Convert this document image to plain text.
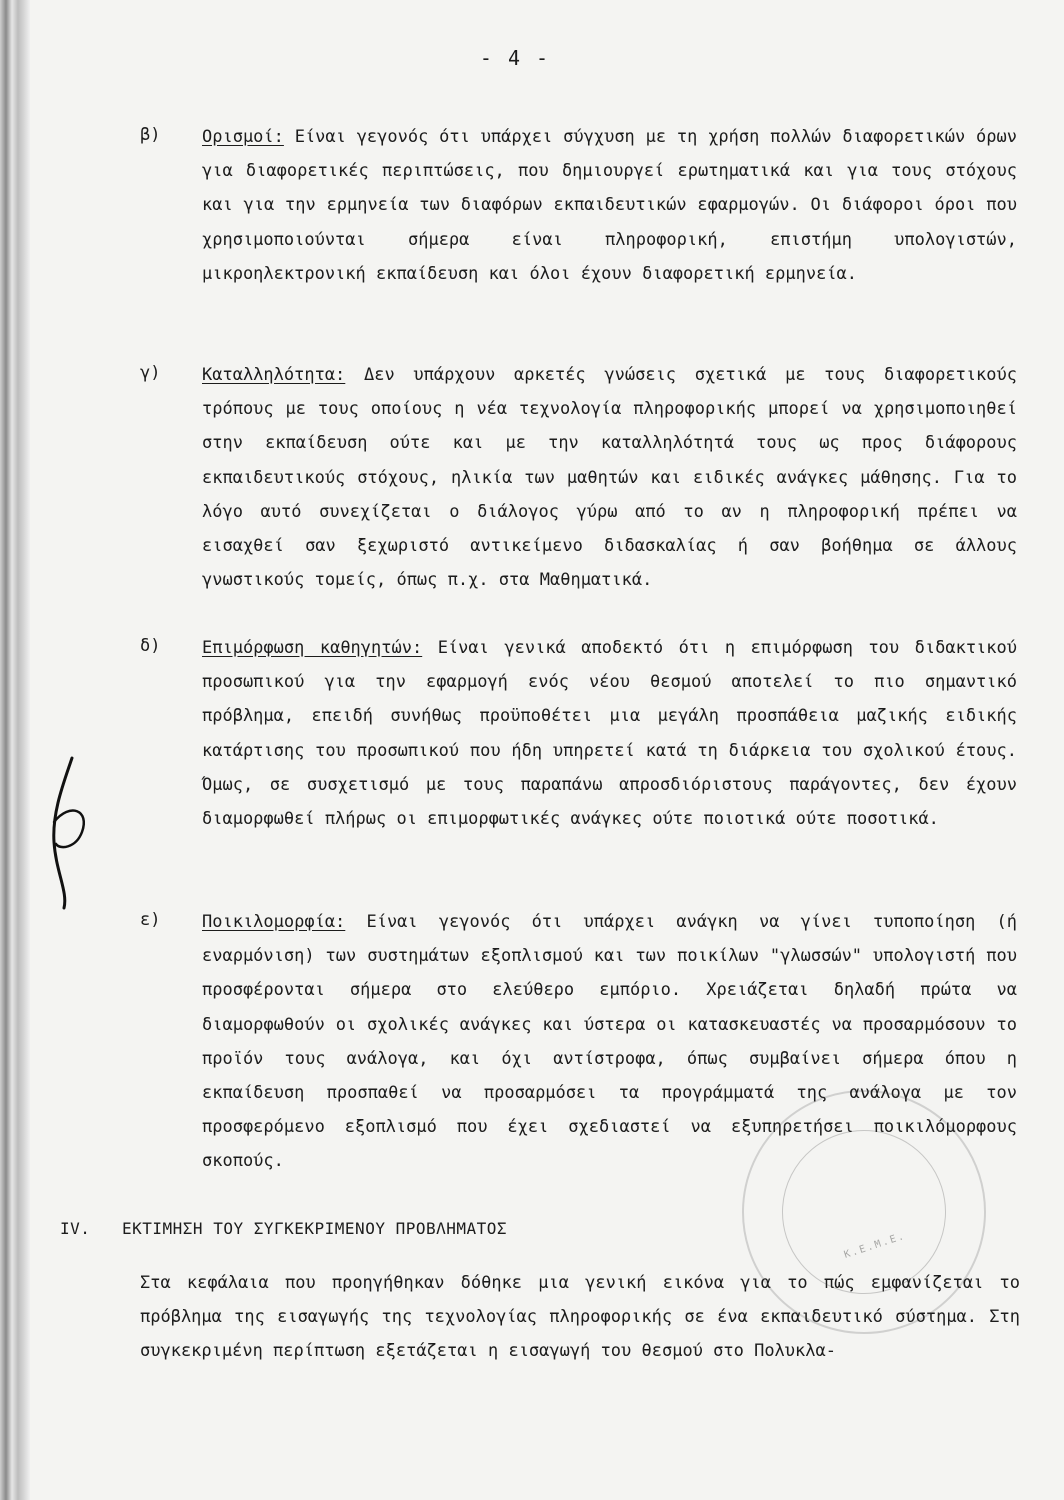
- 4 -
β) Ορισμοί: Είναι γεγονός ότι υπάρχει σύγχυση με τη χρήση πολλών διαφορετικών όρων για διαφορετικές περιπτώσεις, που δημιουργεί ερωτηματικά και για τους στόχους και για την ερμηνεία των διαφόρων εκπαιδευτικών εφαρμογών. Οι διάφοροι όροι που χρησιμοποιούνται σήμερα είναι πληροφορική, επιστήμη υπολογιστών, μικροηλεκτρονική εκπαίδευση και όλοι έχουν διαφορετική ερμηνεία.
γ) Καταλληλότητα: Δεν υπάρχουν αρκετές γνώσεις σχετικά με τους διαφορετικούς τρόπους με τους οποίους η νέα τεχνολογία πληροφορικής μπορεί να χρησιμοποιηθεί στην εκπαίδευση ούτε και με την καταλληλότητά τους ως προς διάφορους εκπαιδευτικούς στόχους, ηλικία των μαθητών και ειδικές ανάγκες μάθησης. Για το λόγο αυτό συνεχίζεται ο διάλογος γύρω από το αν η πληροφορική πρέπει να εισαχθεί σαν ξεχωριστό αντικείμενο διδασκαλίας ή σαν βοήθημα σε άλλους γνωστικούς τομείς, όπως π.χ. στα Μαθηματικά.
δ) Επιμόρφωση καθηγητών: Είναι γενικά αποδεκτό ότι η επιμόρφωση του διδακτικού προσωπικού για την εφαρμογή ενός νέου θεσμού αποτελεί το πιο σημαντικό πρόβλημα, επειδή συνήθως προϋποθέτει μια μεγάλη προσπάθεια μαζικής ειδικής κατάρτισης του προσωπικού που ήδη υπηρετεί κατά τη διάρκεια του σχολικού έτους. Όμως, σε συσχετισμό με τους παραπάνω απροσδιόριστους παράγοντες, δεν έχουν διαμορφωθεί πλήρως οι επιμορφωτικές ανάγκες ούτε ποιοτικά ούτε ποσοτικά.
ε) Ποικιλομορφία: Είναι γεγονός ότι υπάρχει ανάγκη να γίνει τυποποίηση (ή εναρμόνιση) των συστημάτων εξοπλισμού και των ποικίλων "γλωσσών" υπολογιστή που προσφέρονται σήμερα στο ελεύθερο εμπόριο. Χρειάζεται δηλαδή πρώτα να διαμορφωθούν οι σχολικές ανάγκες και ύστερα οι κατασκευαστές να προσαρμόσουν το προϊόν τους ανάλογα, και όχι αντίστροφα, όπως συμβαίνει σήμερα όπου η εκπαίδευση προσπαθεί να προσαρμόσει τα προγράμματά της ανάλογα με τον προσφερόμενο εξοπλισμό που έχει σχεδιαστεί να εξυπηρετήσει ποικιλόμορφους σκοπούς.
IV. ΕΚΤΙΜΗΣΗ ΤΟΥ ΣΥΓΚΕΚΡΙΜΕΝΟΥ ΠΡΟΒΛΗΜΑΤΟΣ
Στα κεφάλαια που προηγήθηκαν δόθηκε μια γενική εικόνα για το πώς εμφανίζεται το πρόβλημα της εισαγωγής της τεχνολογίας πληροφορικής σε ένα εκπαιδευτικό σύστημα. Στη συγκεκριμένη περίπτωση εξετάζεται η εισαγωγή του θεσμού στο Πολυκλα-
Κ.Ε.Μ.Ε.
